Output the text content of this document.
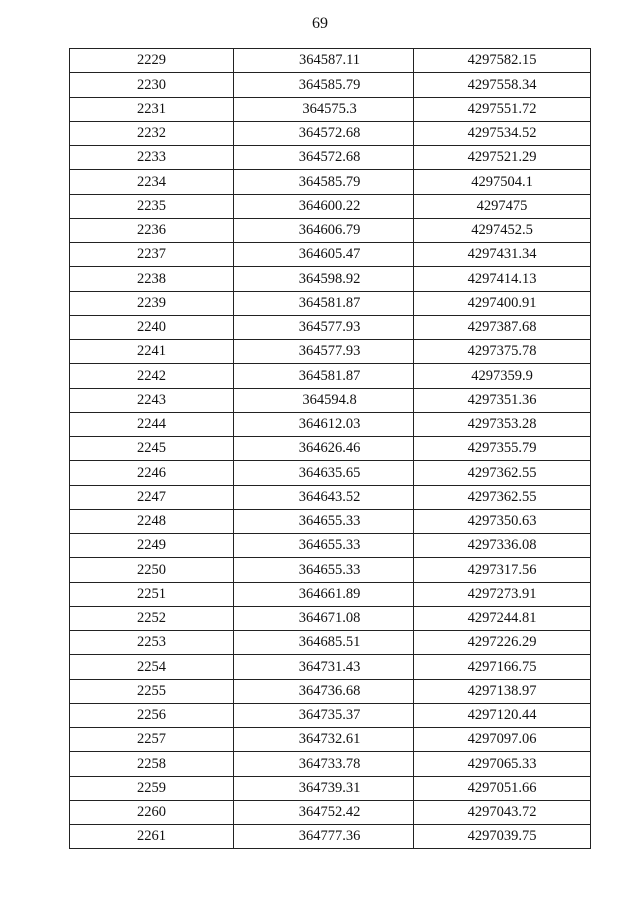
69
2229	364587.11	4297582.15
2230	364585.79	4297558.34
2231	364575.3	4297551.72
2232	364572.68	4297534.52
2233	364572.68	4297521.29
2234	364585.79	4297504.1
2235	364600.22	4297475
2236	364606.79	4297452.5
2237	364605.47	4297431.34
2238	364598.92	4297414.13
2239	364581.87	4297400.91
2240	364577.93	4297387.68
2241	364577.93	4297375.78
2242	364581.87	4297359.9
2243	364594.8	4297351.36
2244	364612.03	4297353.28
2245	364626.46	4297355.79
2246	364635.65	4297362.55
2247	364643.52	4297362.55
2248	364655.33	4297350.63
2249	364655.33	4297336.08
2250	364655.33	4297317.56
2251	364661.89	4297273.91
2252	364671.08	4297244.81
2253	364685.51	4297226.29
2254	364731.43	4297166.75
2255	364736.68	4297138.97
2256	364735.37	4297120.44
2257	364732.61	4297097.06
2258	364733.78	4297065.33
2259	364739.31	4297051.66
2260	364752.42	4297043.72
2261	364777.36	4297039.75
